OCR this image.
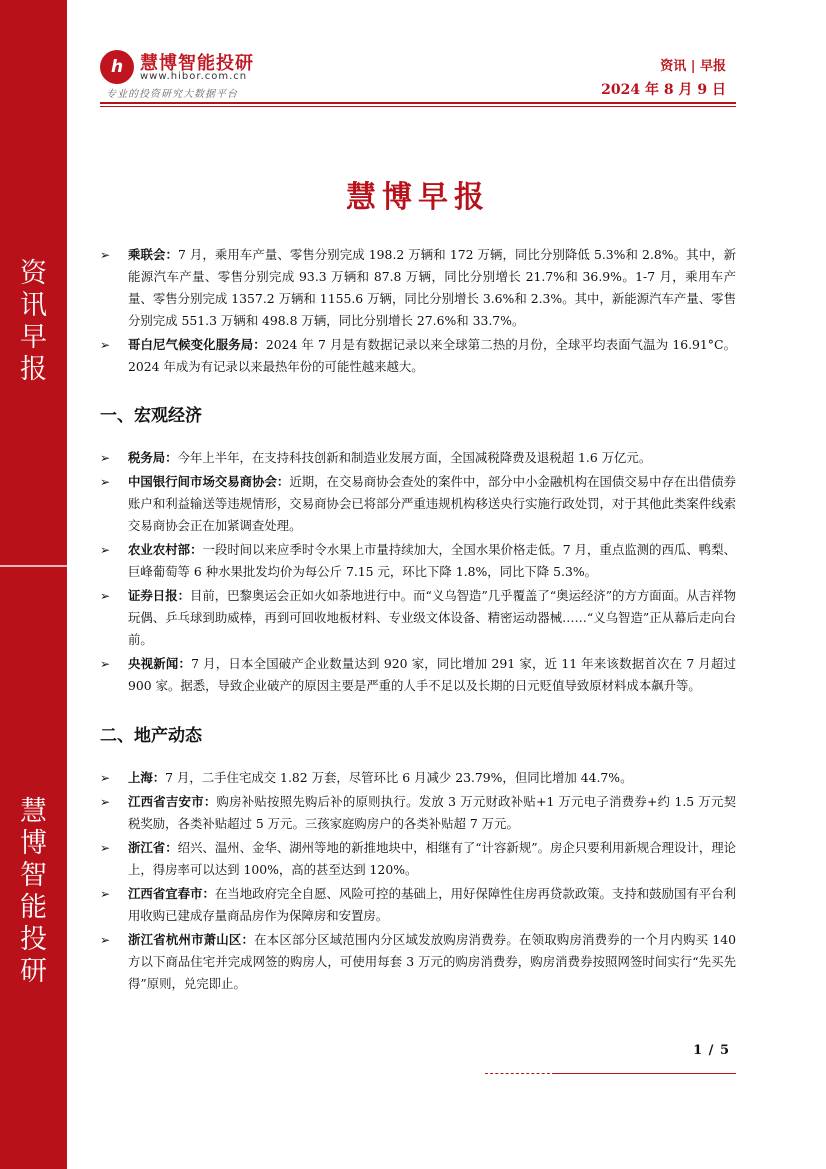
资
讯
早
报
慧
博
智
能
投
研
h 慧博智能投研
www.hibor.com.cn
专业的投资研究大数据平台
资讯 | 早报
2024 年 8 月 9 日
慧博早报
➢ 乘联会：7 月，乘用车产量、零售分别完成 198.2 万辆和 172 万辆，同比分别降低 5.3%和 2.8%。其中，新能源汽车产量、零售分别完成 93.3 万辆和 87.8 万辆，同比分别增长 21.7%和 36.9%。1-7 月，乘用车产量、零售分别完成 1357.2 万辆和 1155.6 万辆，同比分别增长 3.6%和 2.3%。其中，新能源汽车产量、零售分别完成 551.3 万辆和 498.8 万辆，同比分别增长 27.6%和 33.7%。
➢ 哥白尼气候变化服务局：2024 年 7 月是有数据记录以来全球第二热的月份，全球平均表面气温为 16.91°C。2024 年成为有记录以来最热年份的可能性越来越大。
一、宏观经济
➢ 税务局：今年上半年，在支持科技创新和制造业发展方面，全国减税降费及退税超 1.6 万亿元。
➢ 中国银行间市场交易商协会：近期，在交易商协会查处的案件中，部分中小金融机构在国债交易中存在出借债券账户和利益输送等违规情形，交易商协会已将部分严重违规机构移送央行实施行政处罚，对于其他此类案件线索交易商协会正在加紧调查处理。
➢ 农业农村部：一段时间以来应季时令水果上市量持续加大，全国水果价格走低。7 月，重点监测的西瓜、鸭梨、巨峰葡萄等 6 种水果批发均价为每公斤 7.15 元，环比下降 1.8%，同比下降 5.3%。
➢ 证券日报：目前，巴黎奥运会正如火如荼地进行中。而“义乌智造”几乎覆盖了“奥运经济”的方方面面。从吉祥物玩偶、乒乓球到助威棒，再到可回收地板材料、专业级文体设备、精密运动器械……“义乌智造”正从幕后走向台前。
➢ 央视新闻：7 月，日本全国破产企业数量达到 920 家，同比增加 291 家，近 11 年来该数据首次在 7 月超过 900 家。据悉，导致企业破产的原因主要是严重的人手不足以及长期的日元贬值导致原材料成本飙升等。
二、地产动态
➢ 上海：7 月，二手住宅成交 1.82 万套，尽管环比 6 月减少 23.79%，但同比增加 44.7%。
➢ 江西省吉安市：购房补贴按照先购后补的原则执行。发放 3 万元财政补贴+1 万元电子消费券+约 1.5 万元契税奖励，各类补贴超过 5 万元。三孩家庭购房户的各类补贴超 7 万元。
➢ 浙江省：绍兴、温州、金华、湖州等地的新推地块中，相继有了“计容新规”。房企只要利用新规合理设计，理论上，得房率可以达到 100%，高的甚至达到 120%。
➢ 江西省宜春市：在当地政府完全自愿、风险可控的基础上，用好保障性住房再贷款政策。支持和鼓励国有平台利用收购已建成存量商品房作为保障房和安置房。
➢ 浙江省杭州市萧山区：在本区部分区域范围内分区域发放购房消费券。在领取购房消费券的一个月内购买 140 方以下商品住宅并完成网签的购房人，可使用每套 3 万元的购房消费券，购房消费券按照网签时间实行“先买先得”原则，兑完即止。
1 / 5
